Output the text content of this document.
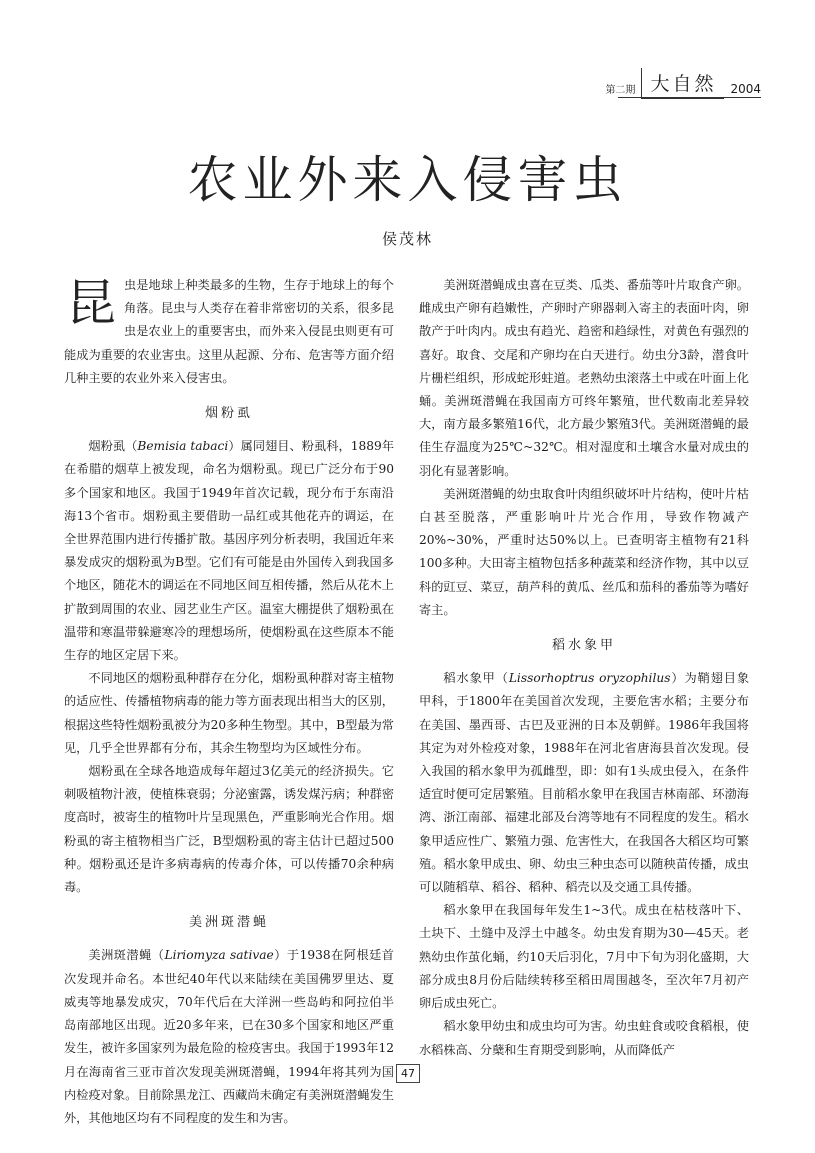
第二期 大自然	2004
农业外来入侵害虫

侯茂林

昆虫是地球上种类最多的生物，生存于地球上的每个角落。昆虫与人类存在着非常密切的关系，很多昆虫是农业上的重要害虫，而外来入侵昆虫则更有可能成为重要的农业害虫。这里从起源、分布、危害等方面介绍几种主要的农业外来入侵害虫。

烟粉虱

烟粉虱（Bemisia tabaci）属同翅目、粉虱科，1889年在希腊的烟草上被发现，命名为烟粉虱。现已广泛分布于90多个国家和地区。我国于1949年首次记载，现分布于东南沿海13个省市。烟粉虱主要借助一品红或其他花卉的调运，在全世界范围内进行传播扩散。基因序列分析表明，我国近年来暴发成灾的烟粉虱为B型。它们有可能是由外国传入到我国多个地区，随花木的调运在不同地区间互相传播，然后从花木上扩散到周围的农业、园艺业生产区。温室大棚提供了烟粉虱在温带和寒温带躲避寒冷的理想场所，使烟粉虱在这些原本不能生存的地区定居下来。

不同地区的烟粉虱种群存在分化，烟粉虱种群对寄主植物的适应性、传播植物病毒的能力等方面表现出相当大的区别，根据这些特性烟粉虱被分为20多种生物型。其中，B型最为常见，几乎全世界都有分布，其余生物型均为区域性分布。

烟粉虱在全球各地造成每年超过3亿美元的经济损失。它刺吸植物汁液，使植株衰弱；分泌蜜露，诱发煤污病；种群密度高时，被寄生的植物叶片呈现黑色，严重影响光合作用。烟粉虱的寄主植物相当广泛，B型烟粉虱的寄主估计已超过500种。烟粉虱还是许多病毒病的传毒介体，可以传播70余种病毒。

美洲斑潜蝇

美洲斑潜蝇（Liriomyza sativae）于1938在阿根廷首次发现并命名。本世纪40年代以来陆续在美国佛罗里达、夏威夷等地暴发成灾，70年代后在大洋洲一些岛屿和阿拉伯半岛南部地区出现。近20多年来，已在30多个国家和地区严重发生，被许多国家列为最危险的检疫害虫。我国于1993年12月在海南省三亚市首次发现美洲斑潜蝇，1994年将其列为国内检疫对象。目前除黑龙江、西藏尚未确定有美洲斑潜蝇发生外，其他地区均有不同程度的发生和为害。

美洲斑潜蝇成虫喜在豆类、瓜类、番茄等叶片取食产卵。雌成虫产卵有趋嫩性，产卵时产卵器刺入寄主的表面叶肉，卵散产于叶肉内。成虫有趋光、趋密和趋绿性，对黄色有强烈的喜好。取食、交尾和产卵均在白天进行。幼虫分3龄，潜食叶片栅栏组织，形成蛇形蛀道。老熟幼虫滚落土中或在叶面上化蛹。美洲斑潜蝇在我国南方可终年繁殖，世代数南北差异较大，南方最多繁殖16代，北方最少繁殖3代。美洲斑潜蝇的最佳生存温度为25℃~32℃。相对湿度和土壤含水量对成虫的羽化有显著影响。

美洲斑潜蝇的幼虫取食叶肉组织破坏叶片结构，使叶片枯白甚至脱落，严重影响叶片光合作用，导致作物减产20%~30%，严重时达50%以上。已查明寄主植物有21科100多种。大田寄主植物包括多种蔬菜和经济作物，其中以豆科的豇豆、菜豆，葫芦科的黄瓜、丝瓜和茄科的番茄等为嗜好寄主。

稻水象甲

稻水象甲（Lissorhoptrus oryzophilus）为鞘翅目象甲科，于1800年在美国首次发现，主要危害水稻；主要分布在美国、墨西哥、古巴及亚洲的日本及朝鲜。1986年我国将其定为对外检疫对象，1988年在河北省唐海县首次发现。侵入我国的稻水象甲为孤雌型，即：如有1头成虫侵入，在条件适宜时便可定居繁殖。目前稻水象甲在我国吉林南部、环渤海湾、浙江南部、福建北部及台湾等地有不同程度的发生。稻水象甲适应性广、繁殖力强、危害性大，在我国各大稻区均可繁殖。稻水象甲成虫、卵、幼虫三种虫态可以随秧苗传播，成虫可以随稻草、稻谷、稻种、稻壳以及交通工具传播。

稻水象甲在我国每年发生1~3代。成虫在枯枝落叶下、土块下、土缝中及浮土中越冬。幼虫发育期为30—45天。老熟幼虫作茧化蛹，约10天后羽化，7月中下旬为羽化盛期，大部分成虫8月份后陆续转移至稻田周围越冬，至次年7月初产卵后成虫死亡。

稻水象甲幼虫和成虫均可为害。幼虫蛀食或咬食稻根，使水稻株高、分蘖和生育期受到影响，从而降低产

47
